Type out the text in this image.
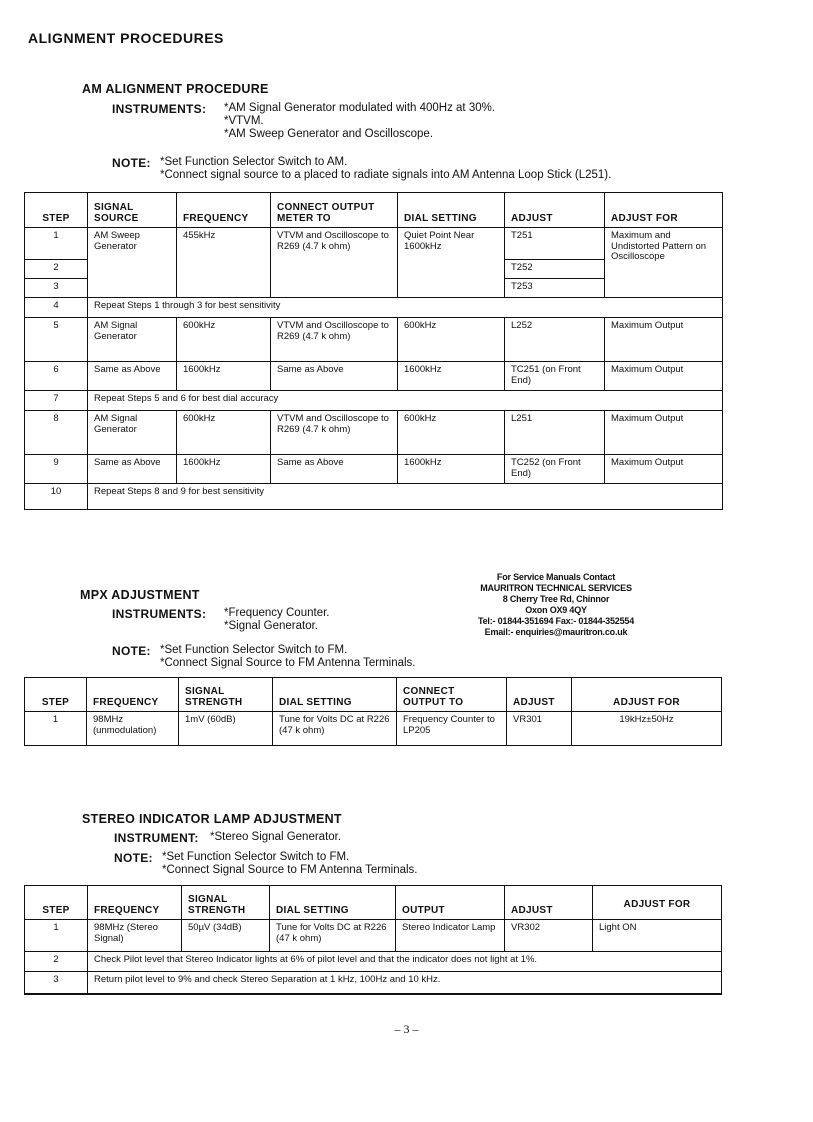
ALIGNMENT PROCEDURES
AM ALIGNMENT PROCEDURE
INSTRUMENTS: *AM Signal Generator modulated with 400Hz at 30%.
*VTVM.
*AM Sweep Generator and Oscilloscope.
NOTE: *Set Function Selector Switch to AM.
*Connect signal source to a placed to radiate signals into AM Antenna Loop Stick (L251).
STEP	SIGNAL SOURCE	FREQUENCY	CONNECT OUTPUT METER TO	DIAL SETTING	ADJUST	ADJUST FOR
1	AM Sweep Generator	455kHz	VTVM and Oscilloscope to R269 (4.7 k ohm)	Quiet Point Near 1600kHz	T251	Maximum and Undistorted Pattern on Oscilloscope
2					T252	
3					T253	
4	Repeat Steps 1 through 3 for best sensitivity					
5	AM Signal Generator	600kHz	VTVM and Oscilloscope to R269 (4.7 k ohm)	600kHz	L252	Maximum Output
6	Same as Above	1600kHz	Same as Above	1600kHz	TC251 (on Front End)	Maximum Output
7	Repeat Steps 5 and 6 for best dial accuracy					
8	AM Signal Generator	600kHz	VTVM and Oscilloscope to R269 (4.7 k ohm)	600kHz	L251	Maximum Output
9	Same as Above	1600kHz	Same as Above	1600kHz	TC252 (on Front End)	Maximum Output
10	Repeat Steps 8 and 9 for best sensitivity					
MPX ADJUSTMENT
INSTRUMENTS: *Frequency Counter.
*Signal Generator.
NOTE: *Set Function Selector Switch to FM.
*Connect Signal Source to FM Antenna Terminals.
For Service Manuals Contact
MAURITRON TECHNICAL SERVICES
8 Cherry Tree Rd, Chinnor
Oxon OX9 4QY
Tel:- 01844-351694 Fax:- 01844-352554
Email:- enquiries@mauritron.co.uk
STEP	FREQUENCY	SIGNAL STRENGTH	DIAL SETTING	CONNECT OUTPUT TO	ADJUST	ADJUST FOR
1	98MHz (unmodulation)	1mV (60dB)	Tune for Volts DC at R226 (47 k ohm)	Frequency Counter to LP205	VR301	19kHz±50Hz
STEREO INDICATOR LAMP ADJUSTMENT
INSTRUMENT: *Stereo Signal Generator.
NOTE: *Set Function Selector Switch to FM.
*Connect Signal Source to FM Antenna Terminals.
STEP	FREQUENCY	SIGNAL STRENGTH	DIAL SETTING	OUTPUT	ADJUST	ADJUST FOR
1	98MHz (Stereo Signal)	50µV (34dB)	Tune for Volts DC at R226 (47 k ohm)	Stereo Indicator Lamp	VR302	Light ON
2	Check Pilot level that Stereo Indicator lights at 6% of pilot level and that the indicator does not light at 1%.					
3	Return pilot level to 9% and check Stereo Separation at 1 kHz, 100Hz and 10 kHz.					
– 3 –
